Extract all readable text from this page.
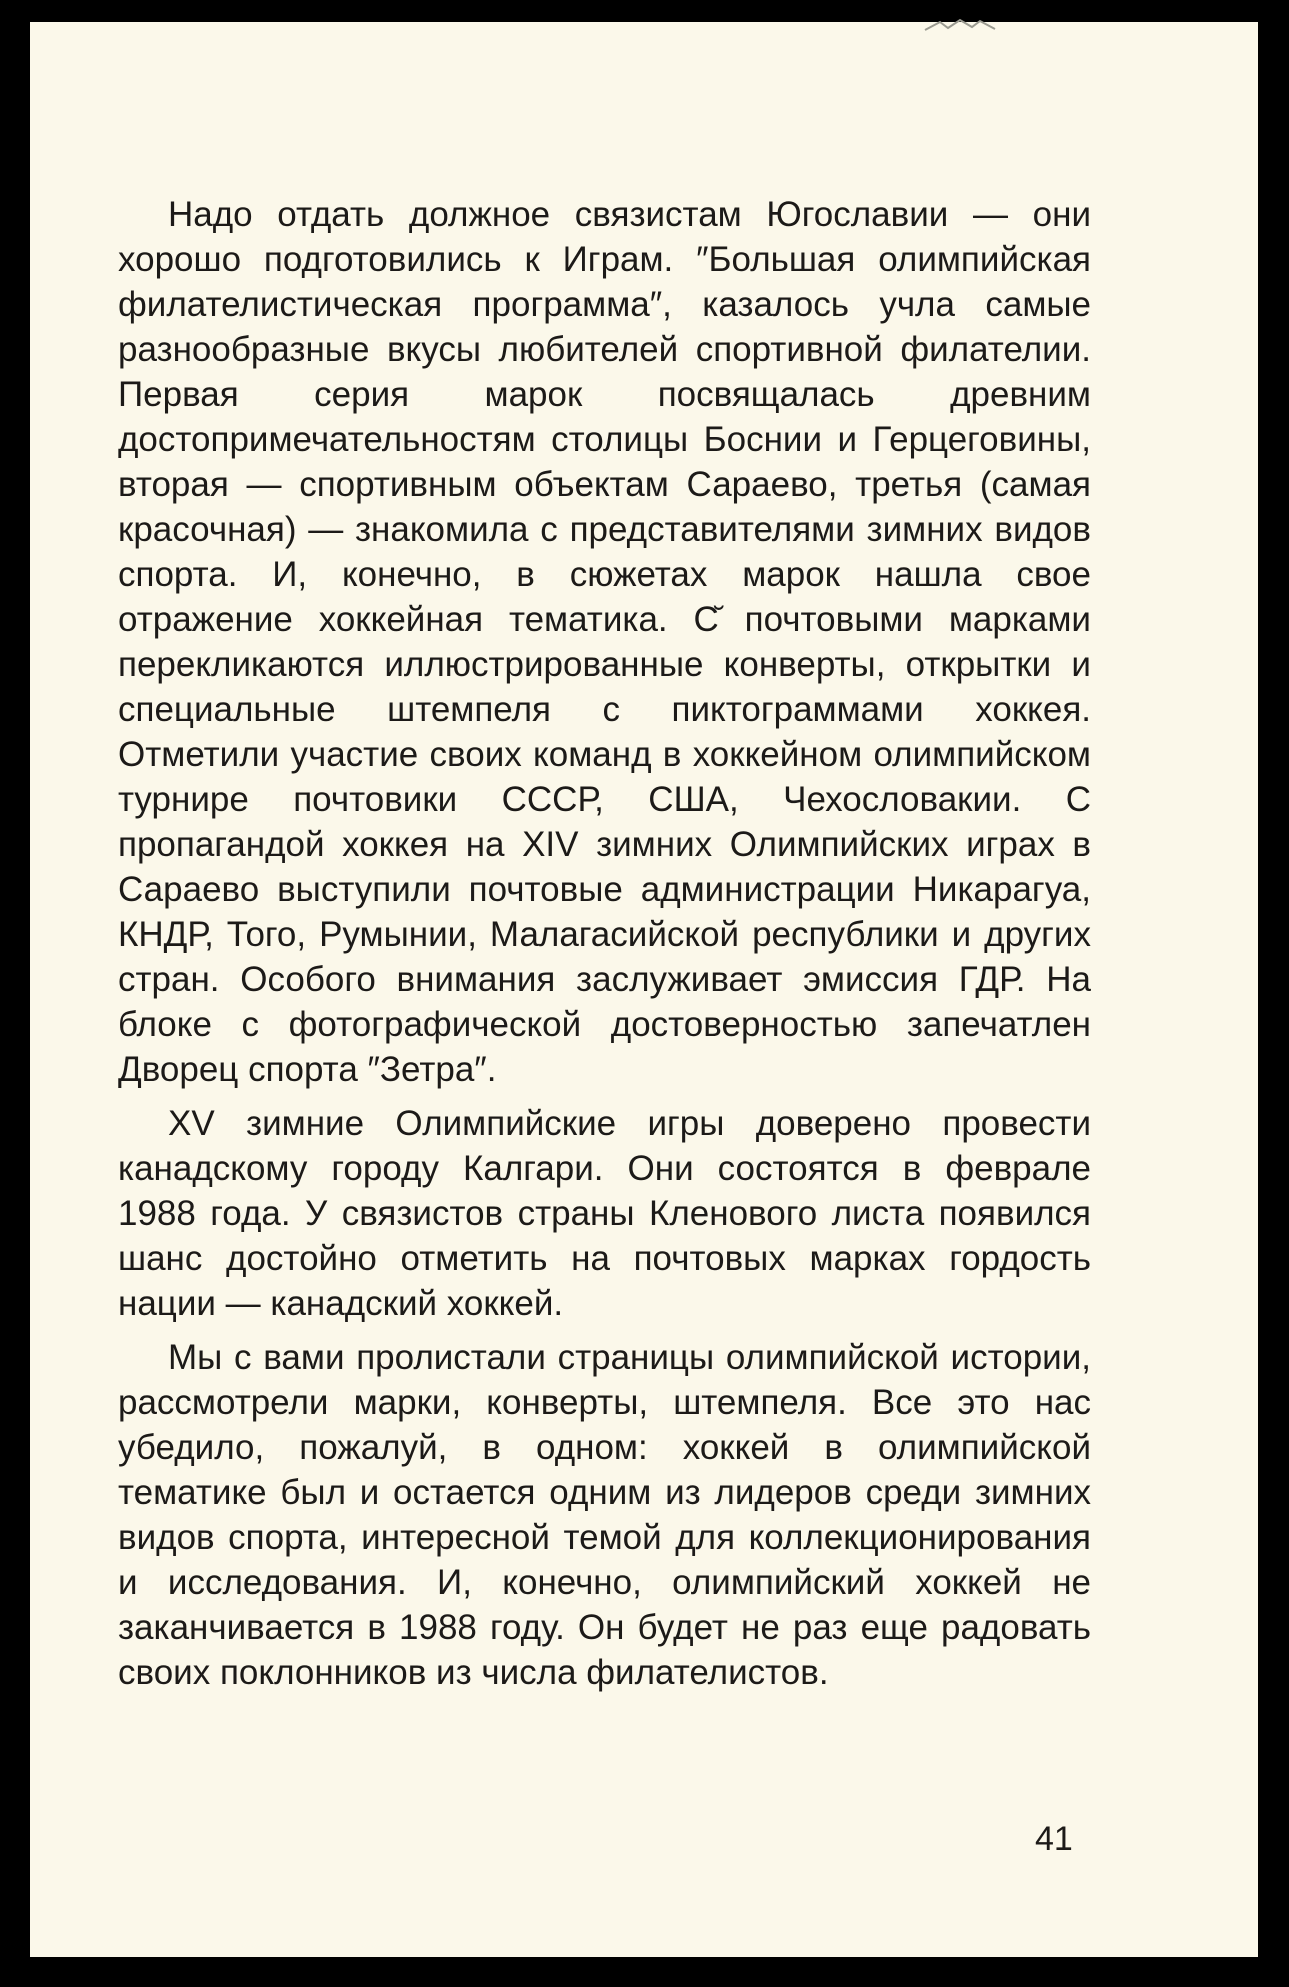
Надо отдать должное связистам Югославии — они хорошо подготовились к Играм. ″Большая олимпийская филателистическая программа″, казалось учла самые разнообразные вкусы любителей спортивной филателии. Первая серия марок посвящалась древним достопримечательностям столицы Боснии и Герцеговины, вторая — спортивным объектам Сараево, третья (самая красочная) — знакомила с представителями зимних видов спорта. И, конечно, в сюжетах марок нашла свое отражение хоккейная тематика. С̆ почтовыми марками перекликаются иллюстрированные конверты, открытки и специальные штемпеля с пиктограммами хоккея. Отметили участие своих команд в хоккейном олимпийском турнире почтовики СССР, США, Чехословакии. С пропагандой хоккея на XIV зимних Олимпийских играх в Сараево выступили почтовые администрации Никарагуа, КНДР, Того, Румынии, Малагасийской республики и других стран. Особого внимания заслуживает эмиссия ГДР. На блоке с фотографической достоверностью запечатлен Дворец спорта ″Зетра″.

XV зимние Олимпийские игры доверено провести канадскому городу Калгари. Они состоятся в феврале 1988 года. У связистов страны Кленового листа появился шанс достойно отметить на почтовых марках гордость нации — канадский хоккей.

Мы с вами пролистали страницы олимпийской истории, рассмотрели марки, конверты, штемпеля. Все это нас убедило, пожалуй, в одном: хоккей в олимпийской тематике был и остается одним из лидеров среди зимних видов спорта, интересной темой для коллекционирования и исследования. И, конечно, олимпийский хоккей не заканчивается в 1988 году. Он будет не раз еще радовать своих поклонников из числа филателистов.

41
